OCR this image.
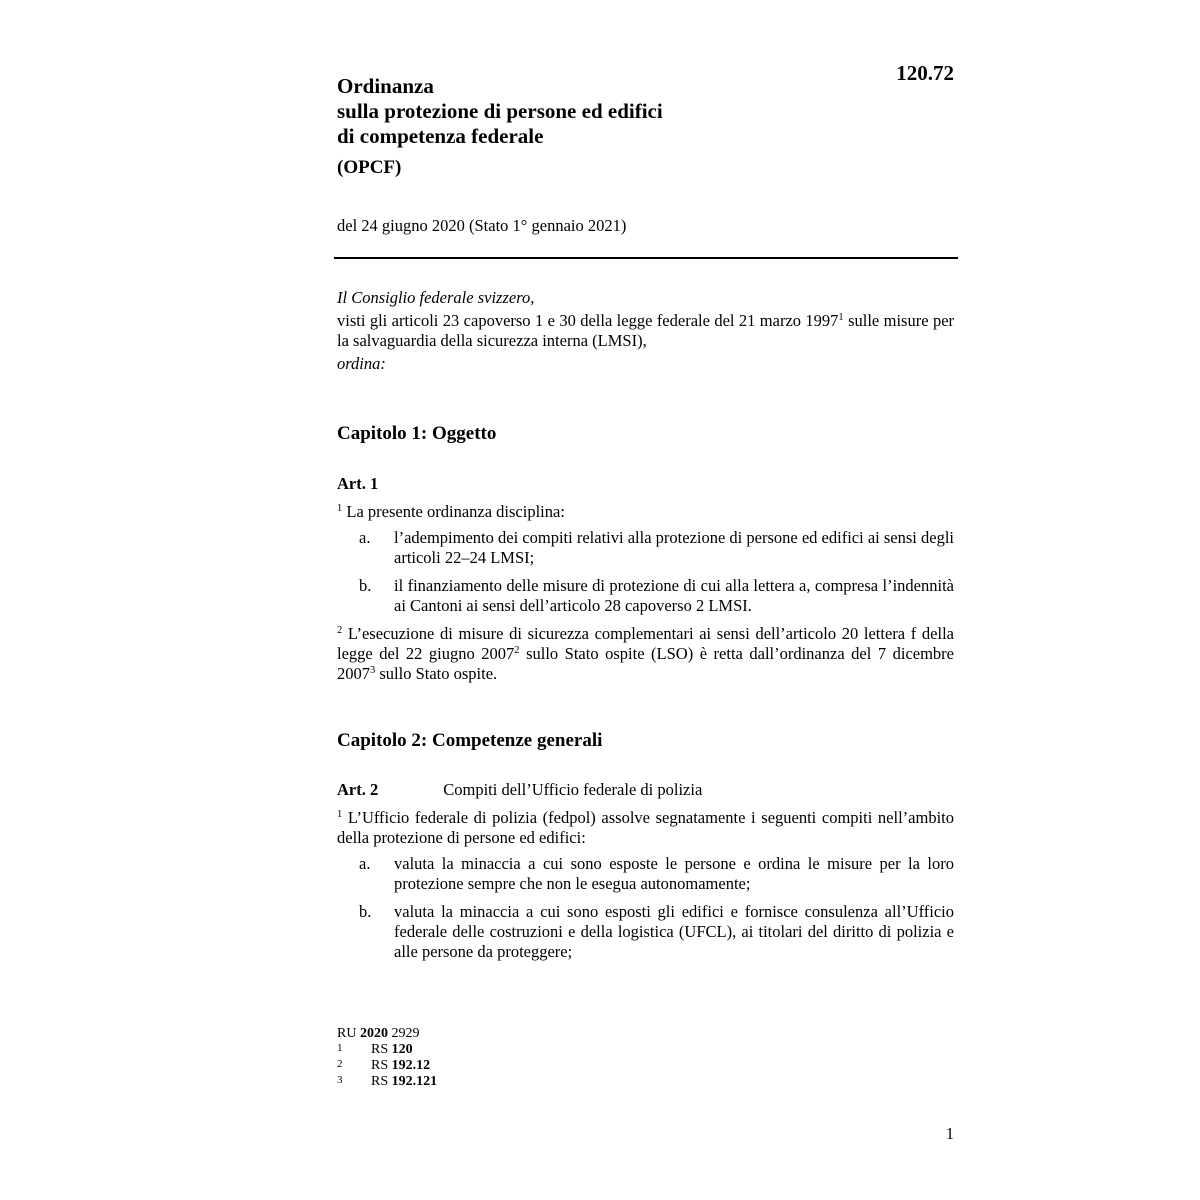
120.72
Ordinanza
sulla protezione di persone ed edifici
di competenza federale
(OPCF)
del 24 giugno 2020 (Stato 1° gennaio 2021)
Il Consiglio federale svizzero,
visti gli articoli 23 capoverso 1 e 30 della legge federale del 21 marzo 1997$^1$ sulle misure per la salvaguardia della sicurezza interna (LMSI),
ordina:
Capitolo 1: Oggetto
Art. 1
$^1$ La presente ordinanza disciplina:
a.	l’adempimento dei compiti relativi alla protezione di persone ed edifici ai sensi degli articoli 22–24 LMSI;
b.	il finanziamento delle misure di protezione di cui alla lettera a, compresa l’indennità ai Cantoni ai sensi dell’articolo 28 capoverso 2 LMSI.
$^2$ L’esecuzione di misure di sicurezza complementari ai sensi dell’articolo 20 lettera f della legge del 22 giugno 2007$^2$ sullo Stato ospite (LSO) è retta dall’ordinanza del 7 dicembre 2007$^3$ sullo Stato ospite.
Capitolo 2: Competenze generali
Art. 2	Compiti dell’Ufficio federale di polizia
$^1$ L’Ufficio federale di polizia (fedpol) assolve segnatamente i seguenti compiti nell’ambito della protezione di persone ed edifici:
a.	valuta la minaccia a cui sono esposte le persone e ordina le misure per la loro protezione sempre che non le esegua autonomamente;
b.	valuta la minaccia a cui sono esposti gli edifici e fornisce consulenza all’Ufficio federale delle costruzioni e della logistica (UFCL), ai titolari del diritto di polizia e alle persone da proteggere;
RU 2020 2929
1	RS 120
2	RS 192.12
3	RS 192.121
1
